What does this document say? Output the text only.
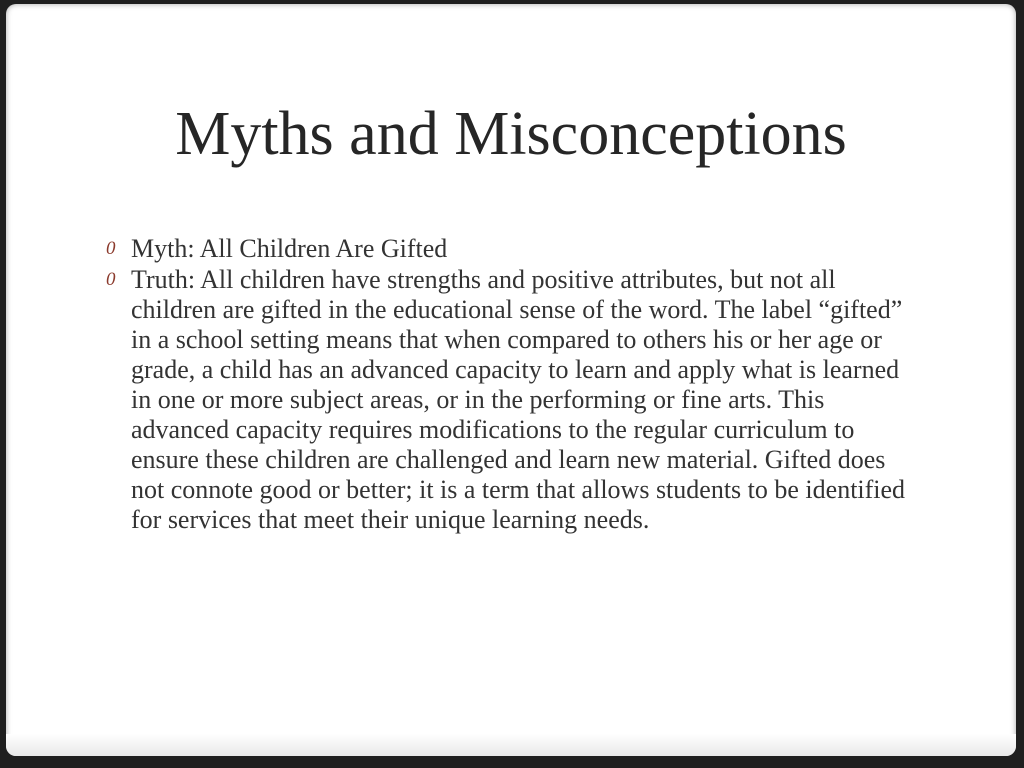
Myths and Misconceptions
0 Myth: All Children Are Gifted
0 Truth: All children have strengths and positive attributes, but not all children are gifted in the educational sense of the word. The label “gifted” in a school setting means that when compared to others his or her age or grade, a child has an advanced capacity to learn and apply what is learned in one or more subject areas, or in the performing or fine arts. This advanced capacity requires modifications to the regular curriculum to ensure these children are challenged and learn new material. Gifted does not connote good or better; it is a term that allows students to be identified for services that meet their unique learning needs.
